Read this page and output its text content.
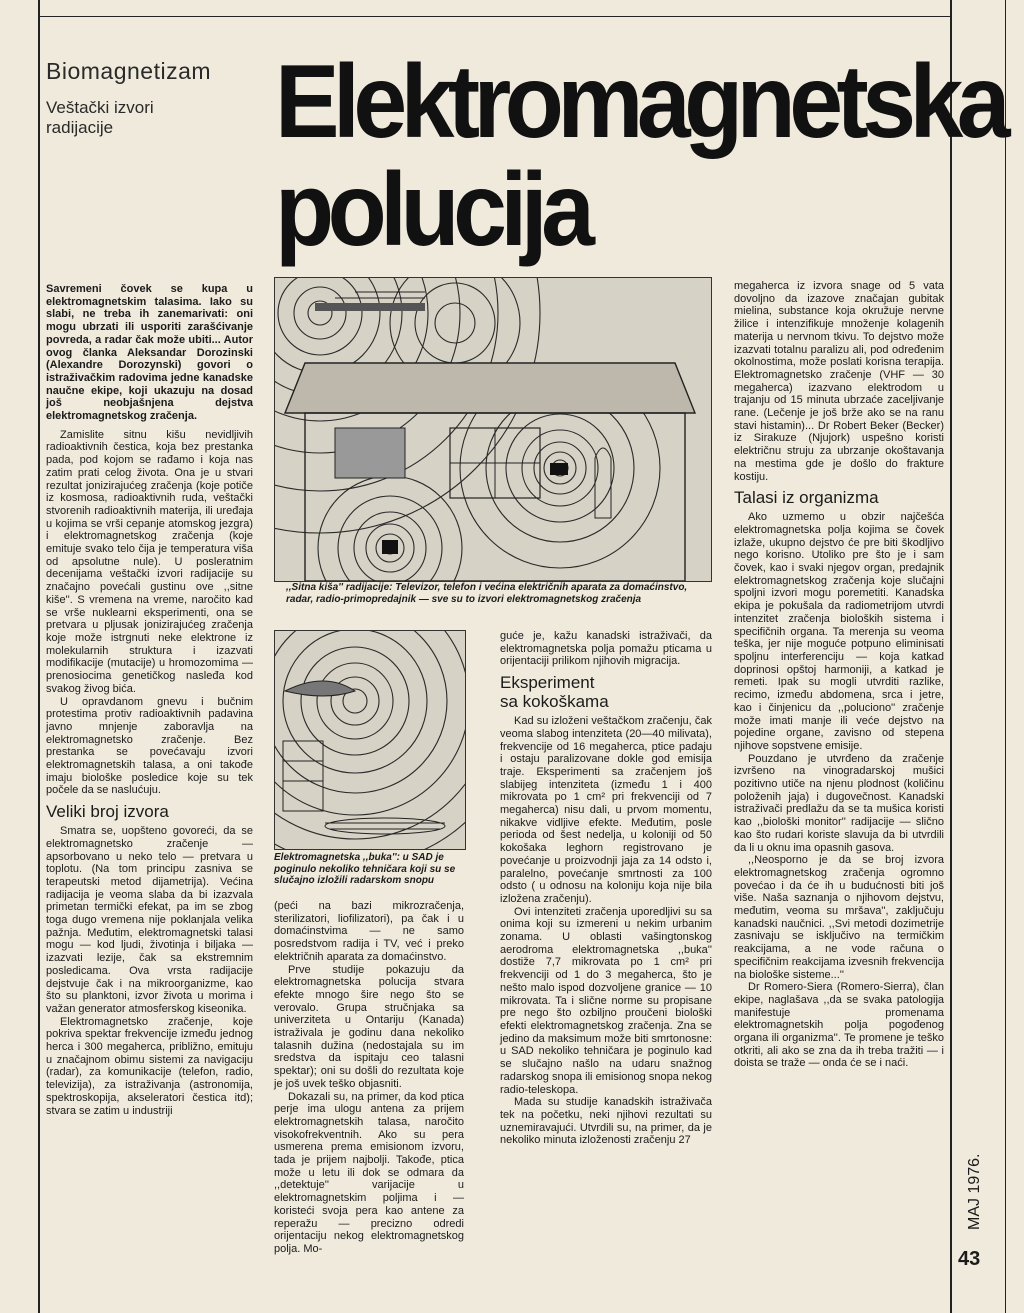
Biomagnetizam
Veštački izvori radijacije	Elektromagnetska
polucija

Savremeni čovek se kupa u elektromagnetskim talasima. Iako su slabi, ne treba ih zanemarivati: oni mogu ubrzati ili usporiti zarašćivanje povreda, a radar čak može ubiti... Autor ovog članka Aleksandar Dorozinski (Alexandre Dorozynski) govori o istraživačkim radovima jedne kanadske naučne ekipe, koji ukazuju na dosad još neobjašnjena dejstva elektromagnetskog zračenja.

Zamislite sitnu kišu nevidljivih radioaktivnih čestica, koja bez prestanka pada, pod kojom se rađamo i koja nas zatim prati celog života. Ona je u stvari rezultat jonizirajućeg zračenja (koje potiče iz kosmosa, radioaktivnih ruda, veštački stvorenih radioaktivnih materija, ili urеđaja u kojima se vrši cepanje atomskog jezgra) i elektromagnetskog zračenja (koje emituje svako telo čija je temperatura viša od apsolutne nule). U poslеratnim decenijama veštački izvori radijacije su značajno povećali gustinu ove ,,sitne kiše''. S vremena na vreme, naročito kad se vrše nuklearni eksperimenti, ona se pretvara u pljusak jonizirajućeg zračenja koje može istrgnuti neke elektrone iz molekularnih struktura i izazvati modifikacije (mutacije) u hromozomima — prenosiocima genetičkog nasleđa kod svakog živog bića.

U opravdanom gnevu i bučnim protestima protiv radioaktivnih padavina javno mnjenje zaboravlja na elektromagnetsko zračenje. Bez prestanka se povećavaju izvori elektromagnetskih talasa, a oni takođe imaju biološke posledice koje su tek počele da se naslućuju.

Veliki broj izvora

Smatra se, uopšteno govoreći, da se elektromagnetsko zračenje — apsorbovano u neko telo — pretvara u toplotu. (Na tom principu zasniva se terapeutski metod dijametrija). Većina radijacija je veoma slaba da bi izazvala primetan termički efekat, pa im se zbog toga dugo vremena nije poklanjala velika pažnja. Međutim, elektromagnetski talasi mogu — kod ljudi, životinja i biljaka — izazvati lezije, čak sa ekstremnim posledicama. Ova vrsta radijacije dejstvuje čak i na mikroorganizme, kao što su planktoni, izvor života u morima i važan generator atmosferskog kiseonika.

Elektromagnetsko zračenje, koje pokriva spektar frekvencije između jednog herca i 300 megaherca, približno, emituju u značajnom obimu sistemi za navigaciju (radar), za komunikacije (telefon, radio, televizija), za istraživanja (astronomija, spektroskopija, akseleratori čestica itd); stvara se zatim u industriji

,,Sitna kiša'' radijacije: Televizor, telefon i većina električnih aparata za domaćinstvo, radar, radio-primopredajnik — sve su to izvori elektromagnetskog zračenja
Elektromagnetska ,,buka'': u SAD je poginulo nekoliko tehničara koji su se slučajno izložili radarskom snopu

(peći na bazi mikrozračenja, sterilizatori, liofilizatori), pa čak i u domaćinstvima — ne samo posredstvom radija i TV, već i preko električnih aparata za domaćinstvo.

Prve studije pokazuju da elektromagnetska polucija stvara efekte mnogo šire nego što se verovalo. Grupa stručnjaka sa univerziteta u Ontariju (Kanada) istraživala je godinu dana nekoliko talasnih dužina (nedostajala su im sredstva da ispitaju ceo talasni spektar); oni su došli do rezultata koje je još uvek teško objasniti.

Dokazali su, na primer, da kod ptica perje ima ulogu antena za prijem elektromagnetskih talasa, naročito visokofrekventnih. Ako su pera usmerena prema emisionom izvoru, tada je prijem najbolji. Takođe, ptica može u letu ili dok se odmara da ,,detektuje'' varijacije u elektromagnetskim poljima i — koristeći svoja pera kao antene za reperažu — precizno odredi orijentaciju nekog elektromagnetskog polja. Mo-

guće je, kažu kanadski istraživači, da elektromagnetska polja pomažu pticama u orijentaciji prilikom njihovih migracija.

Eksperiment
sa kokoškama

Kad su izloženi veštačkom zračenju, čak veoma slabog intenziteta (20—40 milivata), frekvencije od 16 megaherca, ptice padaju i ostaju paralizovane dokle god emisija traje. Eksperimenti sa zračenjem još slabijeg intenziteta (između 1 i 400 mikrovata po 1 cm² pri frekvenciji od 7 megaherca) nisu dali, u prvom momentu, nikakve vidljive efekte. Međutim, posle perioda od šest nedelja, u koloniji od 50 kokošaka leghorn registrovano je povećanje u proizvodnji jaja za 14 odsto i, paralelno, povećanje smrtnosti za 100 odsto ( u odnosu na koloniju koja nije bila izložena zračenju).

Ovi intenziteti zračenja uporedljivi su sa onima koji su izmereni u nekim urbanim zonama. U oblasti vašingtonskog aerodroma elektromagnetska ,,buka'' dostiže 7,7 mikrovata po 1 cm² pri frekvenciji od 1 do 3 megaherca, što je nešto malo ispod dozvoljene granice — 10 mikrovata. Ta i slične norme su propisane pre nego što ozbiljno proučeni biološki efekti elektromagnetskog zračenja. Zna se jedino da maksimum može biti smrtonosne: u SAD nekoliko tehničara je poginulo kad se slučajno našlo na udaru snažnog radarskog snopa ili emisionog snopa nekog radio-teleskopa.

Mada su studije kanadskih istraživača tek na početku, neki njihovi rezultati su uznemiravajući. Utvrdili su, na primer, da je nekoliko minuta izloženosti zračenju 27

megaherca iz izvora snage od 5 vata dovoljno da izazove značajan gubitak mielina, substance koja okružuje nervne žilice i intenzifikuje množenje kolagenih materija u nervnom tkivu. To dejstvo može izazvati totalnu paralizu ali, pod određenim okolnostima, može poslati korisna terapija. Elektromagnetsko zračenje (VHF — 30 megaherca) izazvano elektrodom u trajanju od 15 minuta ubrzaće zaceljivanje rane. (Lečenje je još brže ako se na ranu stavi histamin)... Dr Robert Beker (Becker) iz Sirakuze (Njujork) uspešno koristi električnu struju za ubrzanje okoštavanja na mestima gde je došlo do frakture kostiju.

Talasi iz organizma

Ako uzmemo u obzir najčešća elektromagnetska polja kojima se čovek izlaže, ukupno dejstvo će pre biti škodljivo nego korisno. Utoliko pre što je i sam čovek, kao i svaki njegov organ, predajnik elektromagnetskog zračenja koje slučajni spoljni izvori mogu poremetiti. Kanadska ekipa je pokušala da radiometrijom utvrdi intenzitet zračenja bioloških sistema i specifičnih organa. Ta merenja su veoma teška, jer nije moguće potpuno eliminisati spoljnu interferenciju — koja katkad doprinosi opštoj harmoniji, a katkad je remeti. Ipak su mogli utvrditi razlike, recimo, između abdomena, srca i jetre, kao i činjenicu da ,,polucionо'' zračenje može imati manje ili veće dejstvo na pojedine organe, zavisno od stepena njihove sopstvene emisije.

Pouzdano je utvrđeno da zračenje izvršeno na vinogradarskoj mušici pozitivno utiče na njenu plodnost (količinu položenih jaja) i dugovečnost. Kanadski istraživači predlažu da se ta mušica koristi kao ,,biološki monitor'' radijacije — slično kao što rudari koriste slavuja da bi utvrdili da li u oknu ima opasnih gasova.

,,Neosporno je da se broj izvora elektromagnetskog zračenja ogromno povećao i da će ih u budućnosti biti još više. Naša saznanja o njihovom dejstvu, međutim, veoma su mršava'', zaključuju kanadski naučnici. ,,Svi metodi dozimetrije zasnivaju se isključivo na termičkim reakcijama, a ne vode računa o specifičnim reakcijama izvesnih frekvencija na biološke sisteme...''

Dr Romero-Siera (Romero-Sierra), član ekipe, naglašava ,,da se svaka patologija manifestuje promenama elektromagnetskih polja pogođenog organa ili organizma''. Te promene je teško otkriti, ali ako se zna da ih treba tražiti — i doista se traže — onda će se i naći.

MAJ 1976.
43
